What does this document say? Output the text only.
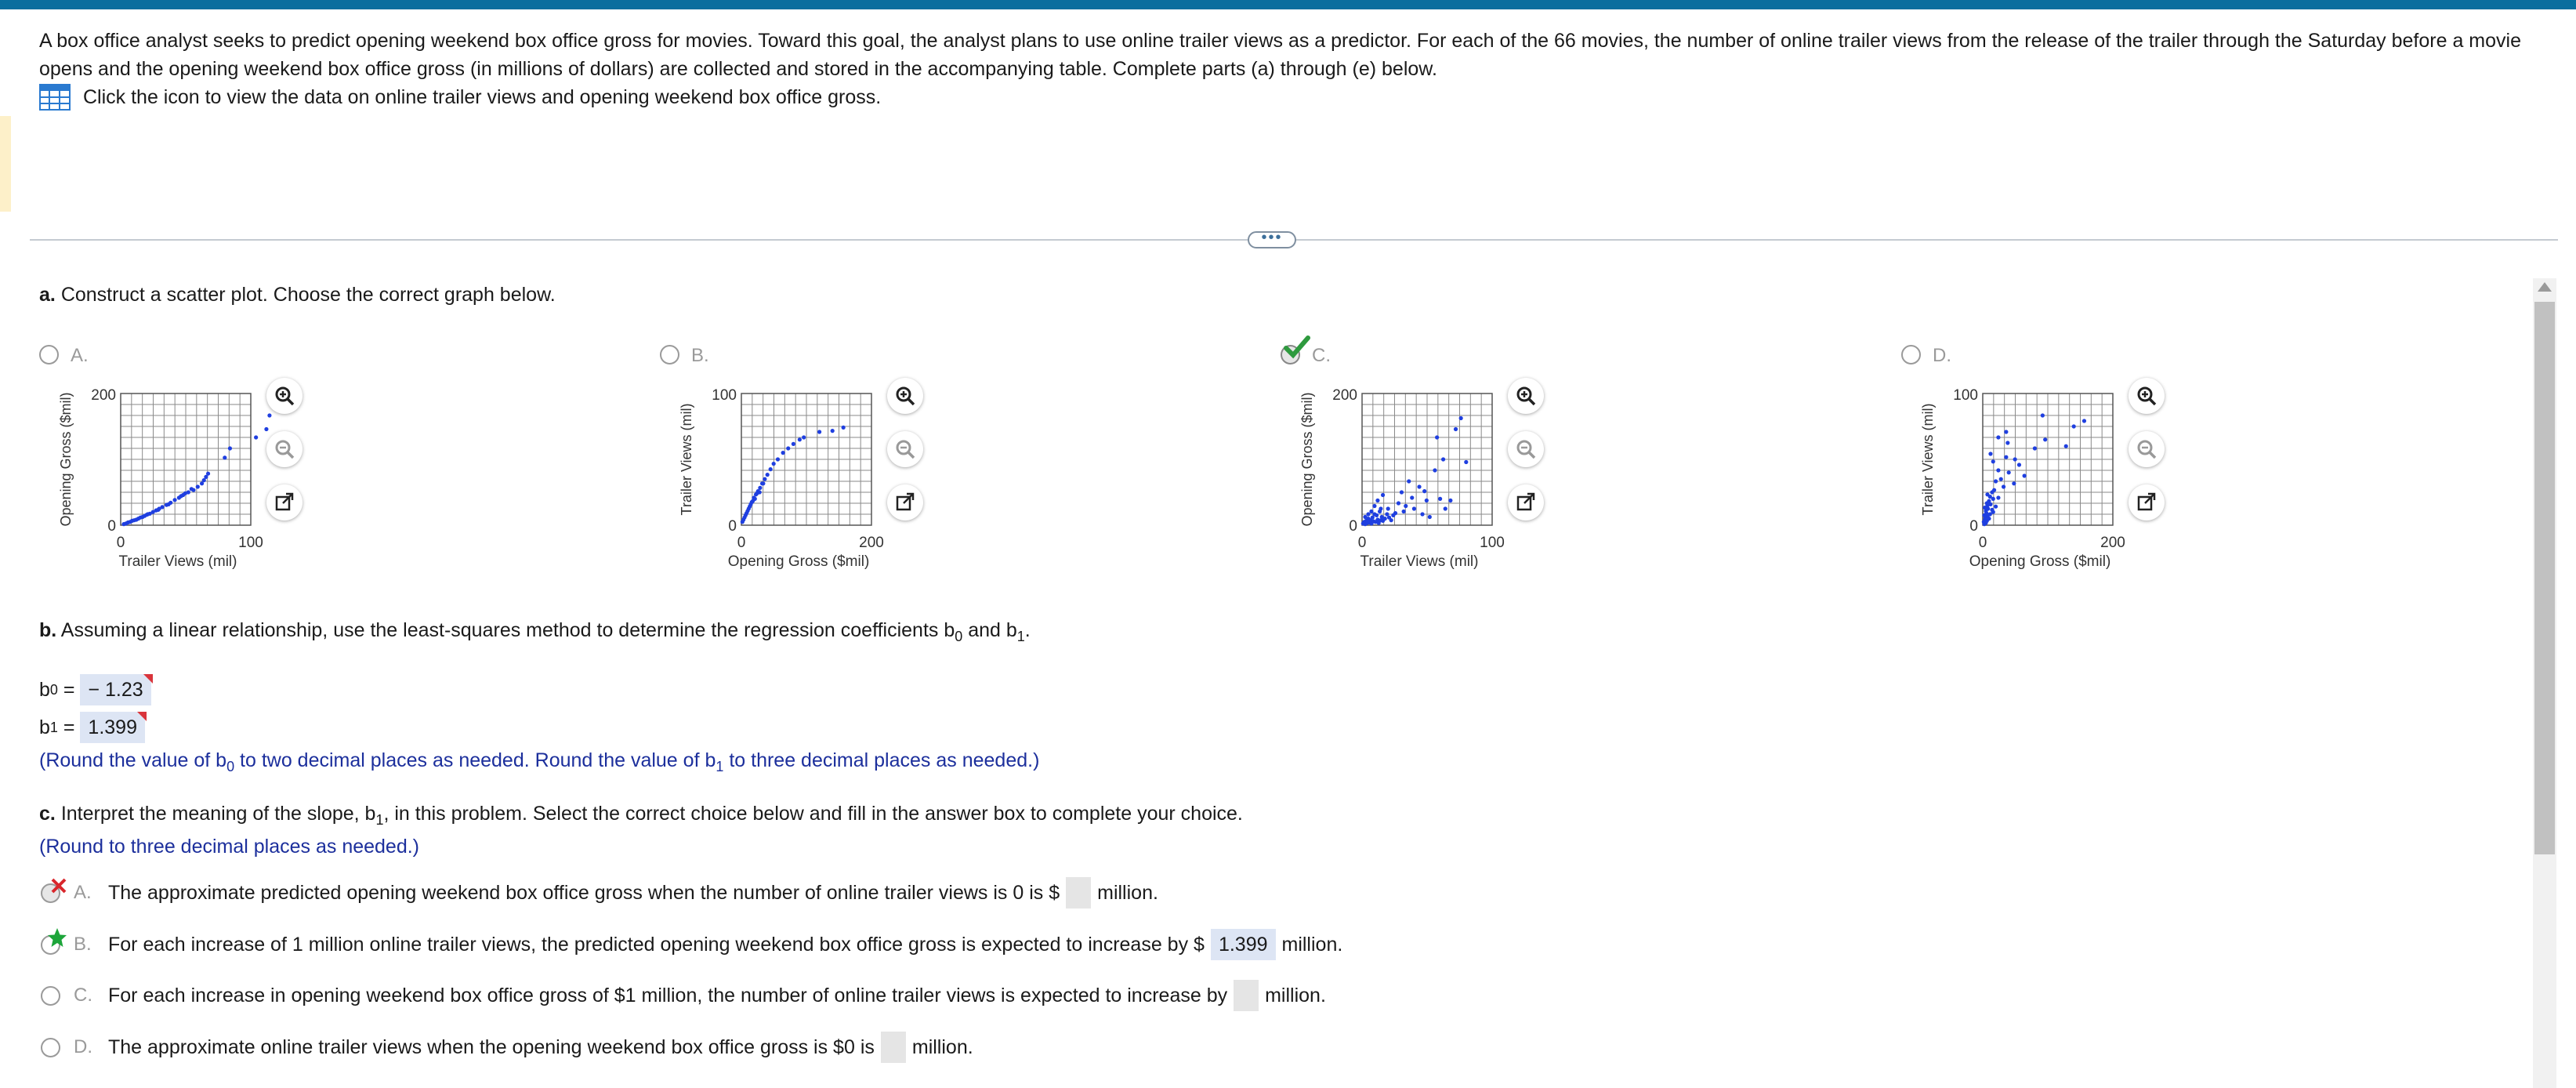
A box office analyst seeks to predict opening weekend box office gross for movies. Toward this goal, the analyst plans to use online trailer views as a predictor. For each of the 66 movies, the number of online trailer views from the release of the trailer through the Saturday before a movie opens and the opening weekend box office gross (in millions of dollars) are collected and stored in the accompanying table. Complete parts (a) through (e) below.
Click the icon to view the data on online trailer views and opening weekend box office gross.
•••
a. Construct a scatter plot. Choose the correct graph below.
A.
200
0
0	100
Trailer Views (mil)
Opening Gross ($mil)
B.
100
0
0	200
Opening Gross ($mil)
Trailer Views (mil)
C.
200
0
0	100
Trailer Views (mil)
Opening Gross ($mil)
D.
100
0
0	200
Opening Gross ($mil)
Trailer Views (mil)
b. Assuming a linear relationship, use the least-squares method to determine the regression coefficients $b_0$ and $b_1$.
b 0 = − 1.23
b 1 = 1.399
(Round the value of $b_0$ to two decimal places as needed. Round the value of $b_1$ to three decimal places as needed.)
c. Interpret the meaning of the slope, $b_1$, in this problem. Select the correct choice below and fill in the answer box to complete your choice.
(Round to three decimal places as needed.)
A. The approximate predicted opening weekend box office gross when the number of online trailer views is 0 is $ million.
B. For each increase of 1 million online trailer views, the predicted opening weekend box office gross is expected to increase by $ 1.399 million.
C. For each increase in opening weekend box office gross of $1 million, the number of online trailer views is expected to increase by million.
D. The approximate online trailer views when the opening weekend box office gross is $0 is million.
